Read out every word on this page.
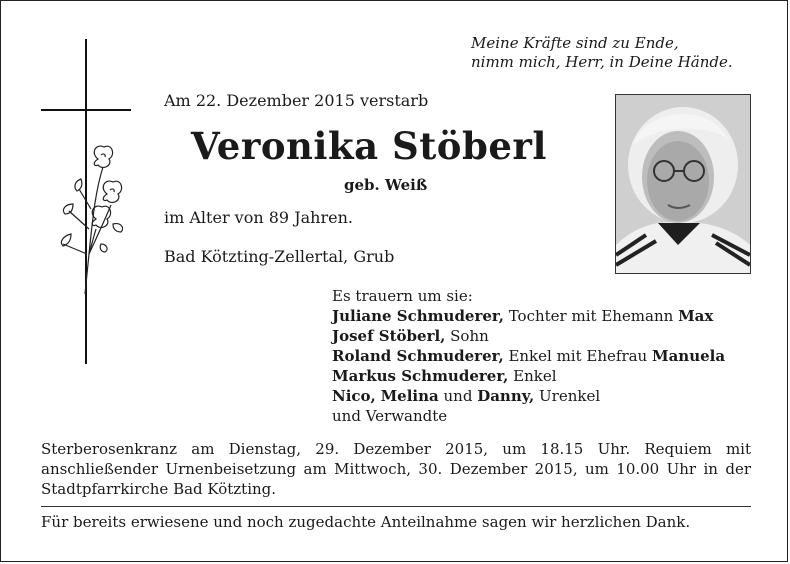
Meine Kräfte sind zu Ende,
nimm mich, Herr, in Deine Hände.
Am 22. Dezember 2015 verstarb
Veronika Stöberl
geb. Weiß
im Alter von 89 Jahren.
Bad Kötzting-Zellertal, Grub
Es trauern um sie:
Juliane Schmuderer, Tochter mit Ehemann Max
Josef Stöberl, Sohn
Roland Schmuderer, Enkel mit Ehefrau Manuela
Markus Schmuderer, Enkel
Nico, Melina und Danny, Urenkel
und Verwandte
Sterberosenkranz am Dienstag, 29. Dezember 2015, um 18.15 Uhr. Requiem mit anschließender Urnenbeisetzung am Mittwoch, 30. Dezember 2015, um 10.00 Uhr in der Stadtpfarrkirche Bad Kötzting.
Für bereits erwiesene und noch zugedachte Anteilnahme sagen wir herzlichen Dank.
